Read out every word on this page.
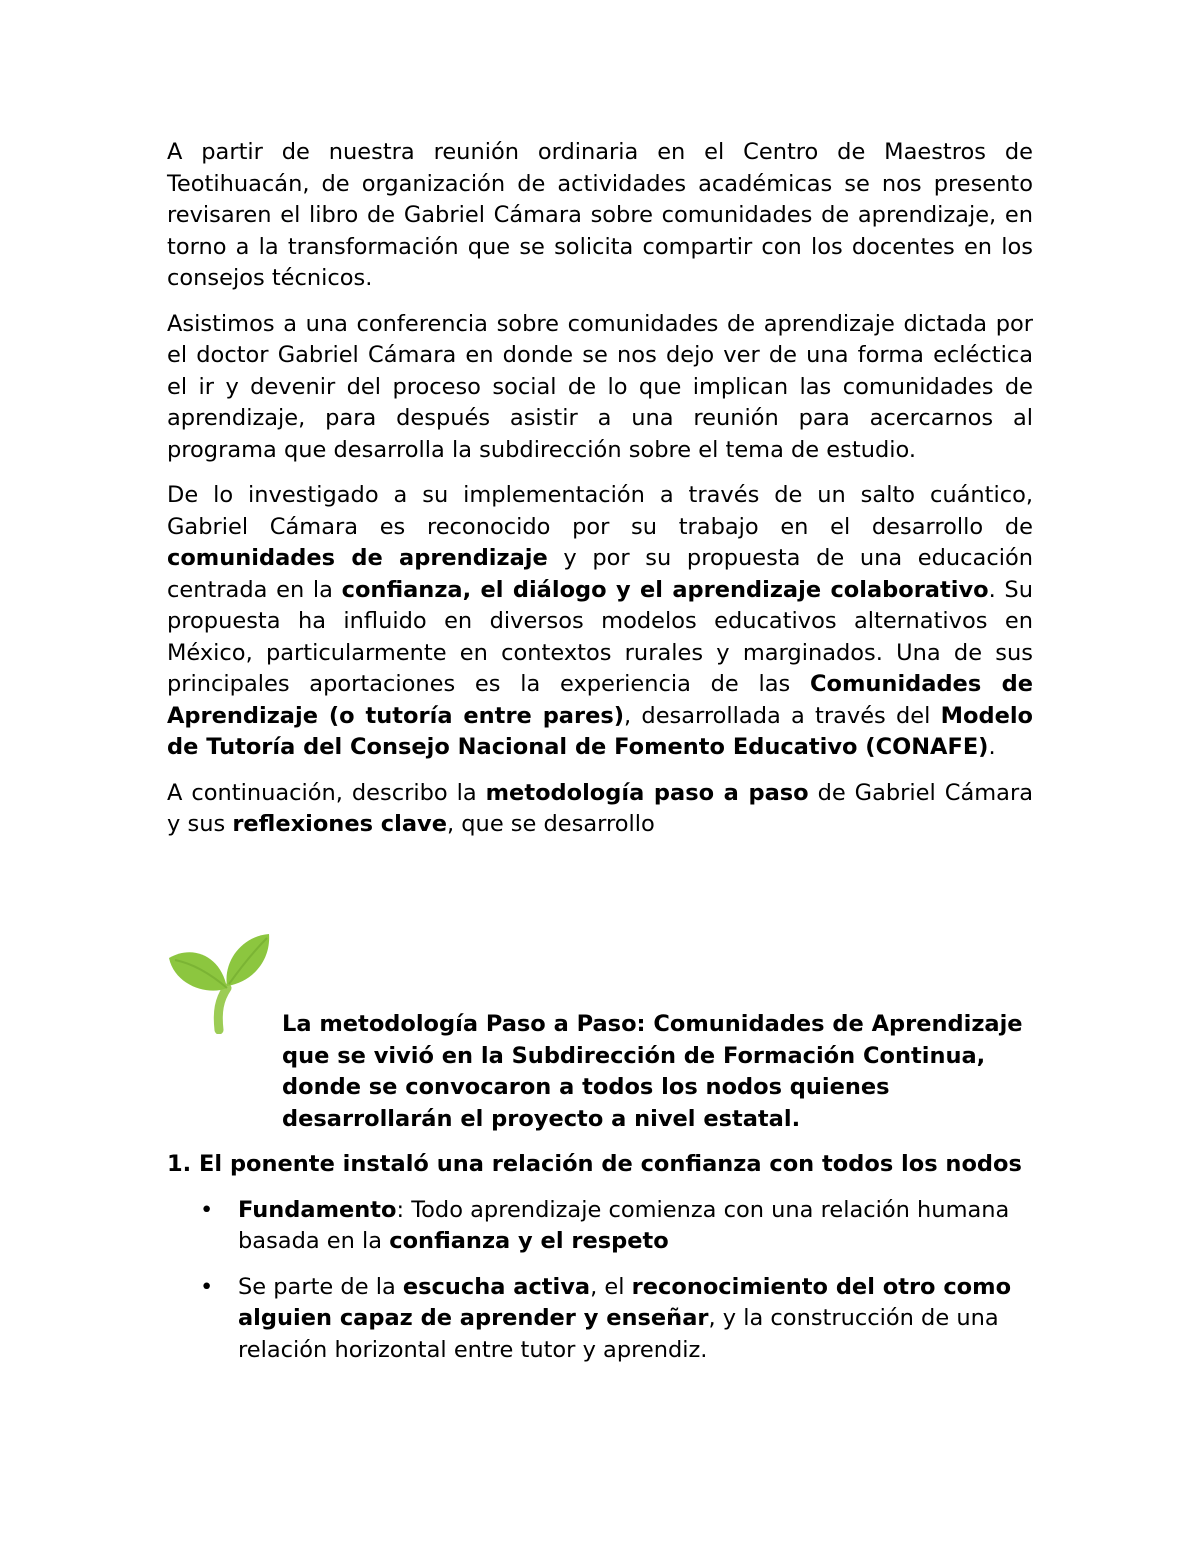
A partir de nuestra reunión ordinaria en el Centro de Maestros de Teotihuacán, de organización de actividades académicas se nos presento revisaren el libro de Gabriel Cámara sobre comunidades de aprendizaje, en torno a la transformación que se solicita compartir con los docentes en los consejos técnicos.

Asistimos a una conferencia sobre comunidades de aprendizaje dictada por el doctor Gabriel Cámara en donde se nos dejo ver de una forma ecléctica el ir y devenir del proceso social de lo que implican las comunidades de aprendizaje, para después asistir a una reunión para acercarnos al programa que desarrolla la subdirección sobre el tema de estudio.

De lo investigado a su implementación a través de un salto cuántico, Gabriel Cámara es reconocido por su trabajo en el desarrollo de comunidades de aprendizaje y por su propuesta de una educación centrada en la confianza, el diálogo y el aprendizaje colaborativo. Su propuesta ha influido en diversos modelos educativos alternativos en México, particularmente en contextos rurales y marginados. Una de sus principales aportaciones es la experiencia de las Comunidades de Aprendizaje (o tutoría entre pares), desarrollada a través del Modelo de Tutoría del Consejo Nacional de Fomento Educativo (CONAFE).

A continuación, describo la metodología paso a paso de Gabriel Cámara y sus reflexiones clave, que se desarrollo

La metodología Paso a Paso: Comunidades de Aprendizaje que se vivió en la Subdirección de Formación Continua, donde se convocaron a todos los nodos quienes desarrollarán el proyecto a nivel estatal.

1. El ponente instaló una relación de confianza con todos los nodos

• Fundamento: Todo aprendizaje comienza con una relación humana basada en la confianza y el respeto
• Se parte de la escucha activa, el reconocimiento del otro como alguien capaz de aprender y enseñar, y la construcción de una relación horizontal entre tutor y aprendiz.
